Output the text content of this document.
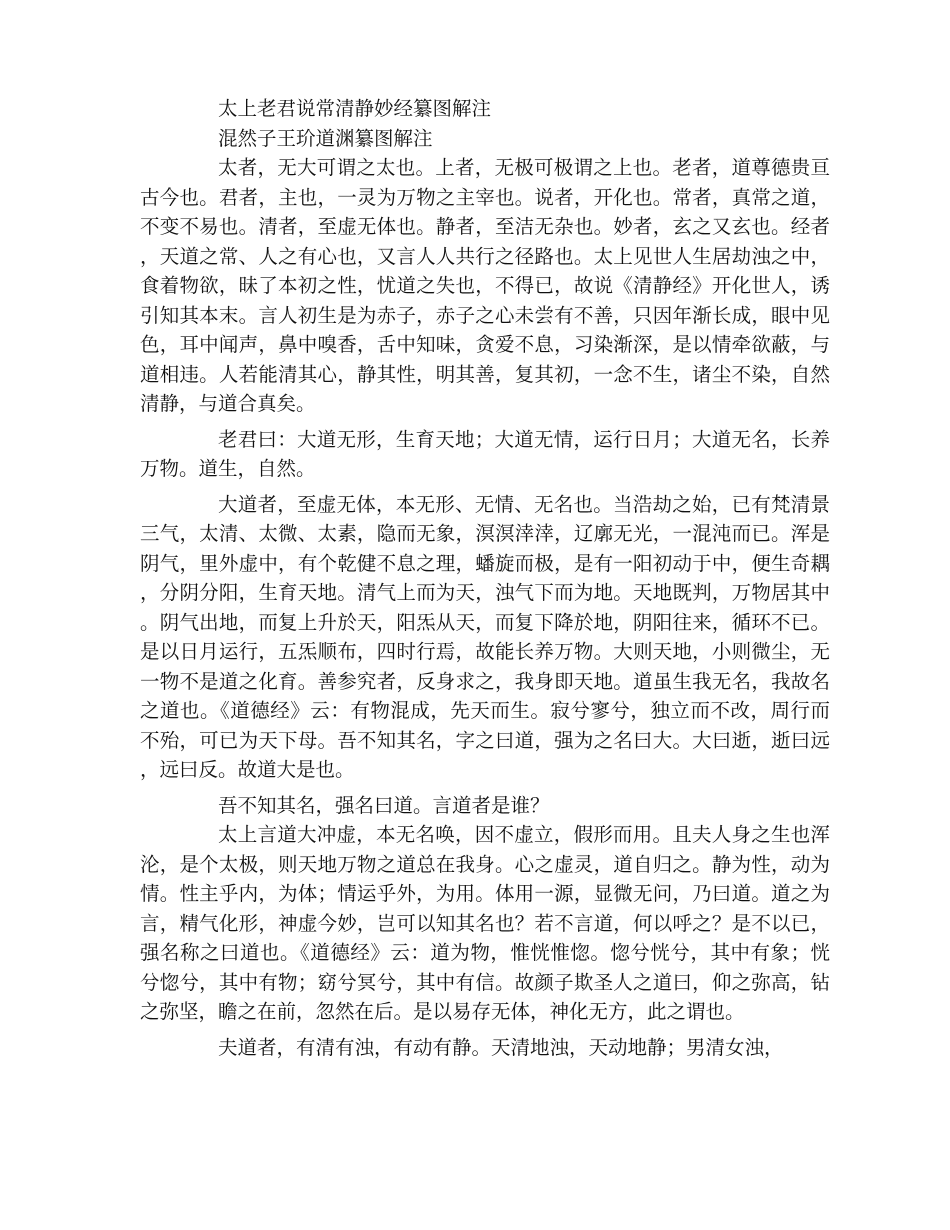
太上老君说常清静妙经纂图解注

混然子王玠道渊纂图解注

太者，无大可谓之太也。上者，无极可极谓之上也。老者，道尊德贵亘古今也。君者，主也，一灵为万物之主宰也。说者，开化也。常者，真常之道，不变不易也。清者，至虚无体也。静者，至洁无杂也。妙者，玄之又玄也。经者，天道之常、人之有心也，又言人人共行之径路也。太上见世人生居劫浊之中，食着物欲，昧了本初之性，忧道之失也，不得已，故说《清静经》开化世人，诱引知其本末。言人初生是为赤子，赤子之心未尝有不善，只因年渐长成，眼中见色，耳中闻声，鼻中嗅香，舌中知味，贪爱不息，习染渐深，是以情牵欲蔽，与道相违。人若能清其心，静其性，明其善，复其初，一念不生，诸尘不染，自然清静，与道合真矣。

老君曰：大道无形，生育天地；大道无情，运行日月；大道无名，长养万物。道生，自然。

大道者，至虚无体，本无形、无情、无名也。当浩劫之始，已有梵清景三气，太清、太微、太素，隐而无象，溟溟涬涬，辽廓无光，一混沌而已。浑是阴气，里外虚中，有个乾健不息之理，蟠旋而极，是有一阳初动于中，便生奇耦，分阴分阳，生育天地。清气上而为天，浊气下而为地。天地既判，万物居其中。阴气出地，而复上升於天，阳炁从天，而复下降於地，阴阳往来，循环不已。是以日月运行，五炁顺布，四时行焉，故能长养万物。大则天地，小则微尘，无一物不是道之化育。善参究者，反身求之，我身即天地。道虽生我无名，我故名之道也。《道德经》云：有物混成，先天而生。寂兮寥兮，独立而不改，周行而不殆，可已为天下母。吾不知其名，字之曰道，强为之名曰大。大曰逝，逝曰远，远曰反。故道大是也。

吾不知其名，强名曰道。言道者是谁？

太上言道大冲虚，本无名唤，因不虚立，假形而用。且夫人身之生也浑沦，是个太极，则天地万物之道总在我身。心之虚灵，道自归之。静为性，动为情。性主乎内，为体；情运乎外，为用。体用一源，显微无问，乃曰道。道之为言，精气化形，神虚今妙，岂可以知其名也？若不言道，何以呼之？是不以已，强名称之曰道也。《道德经》云：道为物，惟恍惟惚。惚兮恍兮，其中有象；恍兮惚兮，其中有物；窈兮冥兮，其中有信。故颜子欺圣人之道曰，仰之弥高，钻之弥坚，瞻之在前，忽然在后。是以易存无体，神化无方，此之谓也。

夫道者，有清有浊，有动有静。天清地浊，天动地静；男清女浊，
